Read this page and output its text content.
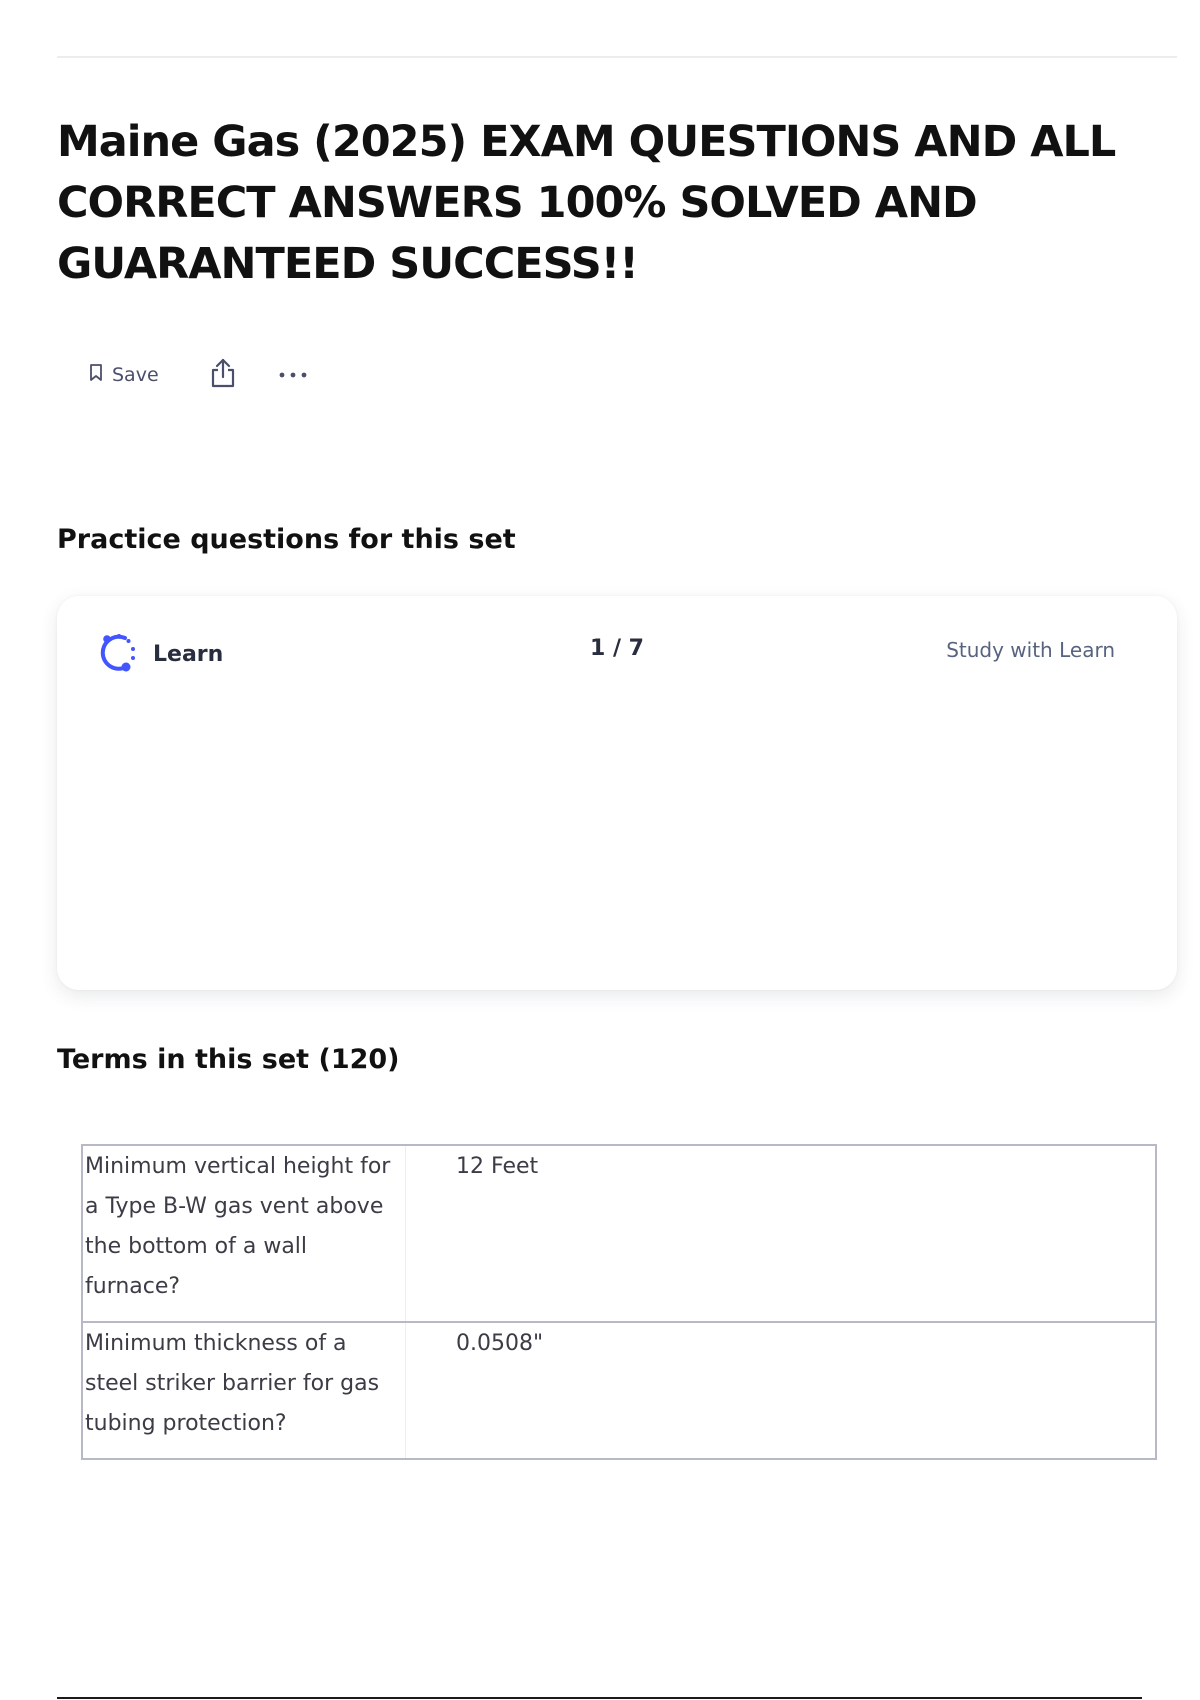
Maine Gas (2025) EXAM QUESTIONS AND ALL CORRECT ANSWERS 100% SOLVED AND GUARANTEED SUCCESS!!
Save
Practice questions for this set
Learn	1 / 7	Study with Learn
Terms in this set (120)
Minimum vertical height for a Type B-W gas vent above the bottom of a wall furnace?
12 Feet
Minimum thickness of a steel striker barrier for gas tubing protection?
0.0508"
